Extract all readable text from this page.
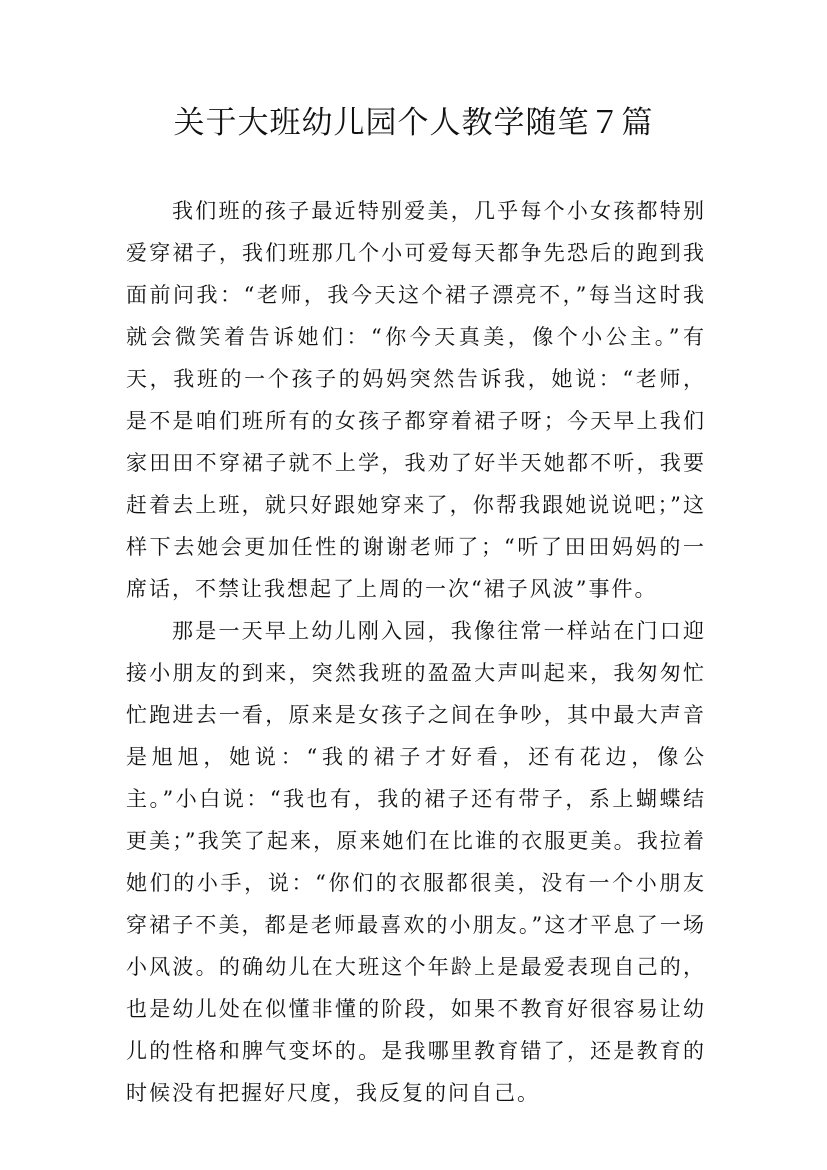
关于大班幼儿园个人教学随笔７篇

我们班的孩子最近特别爱美，几乎每个小女孩都特别爱穿裙子，我们班那几个小可爱每天都争先恐后的跑到我面前问我：“老师，我今天这个裙子漂亮不，”每当这时我就会微笑着告诉她们：“你今天真美，像个小公主。”有天，我班的一个孩子的妈妈突然告诉我，她说：“老师，是不是咱们班所有的女孩子都穿着裙子呀；今天早上我们家田田不穿裙子就不上学，我劝了好半天她都不听，我要赶着去上班，就只好跟她穿来了，你帮我跟她说说吧；”这样下去她会更加任性的谢谢老师了；“听了田田妈妈的一席话，不禁让我想起了上周的一次“裙子风波”事件。

那是一天早上幼儿刚入园，我像往常一样站在门口迎接小朋友的到来，突然我班的盈盈大声叫起来，我匆匆忙忙跑进去一看，原来是女孩子之间在争吵，其中最大声音是旭旭，她说：“我的裙子才好看，还有花边，像公主。”小白说：“我也有，我的裙子还有带子，系上蝴蝶结更美；”我笑了起来，原来她们在比谁的衣服更美。我拉着她们的小手，说：“你们的衣服都很美，没有一个小朋友穿裙子不美，都是老师最喜欢的小朋友。”这才平息了一场小风波。的确幼儿在大班这个年龄上是最爱表现自己的，也是幼儿处在似懂非懂的阶段，如果不教育好很容易让幼儿的性格和脾气变坏的。是我哪里教育错了，还是教育的时候没有把握好尺度，我反复的问自己。
